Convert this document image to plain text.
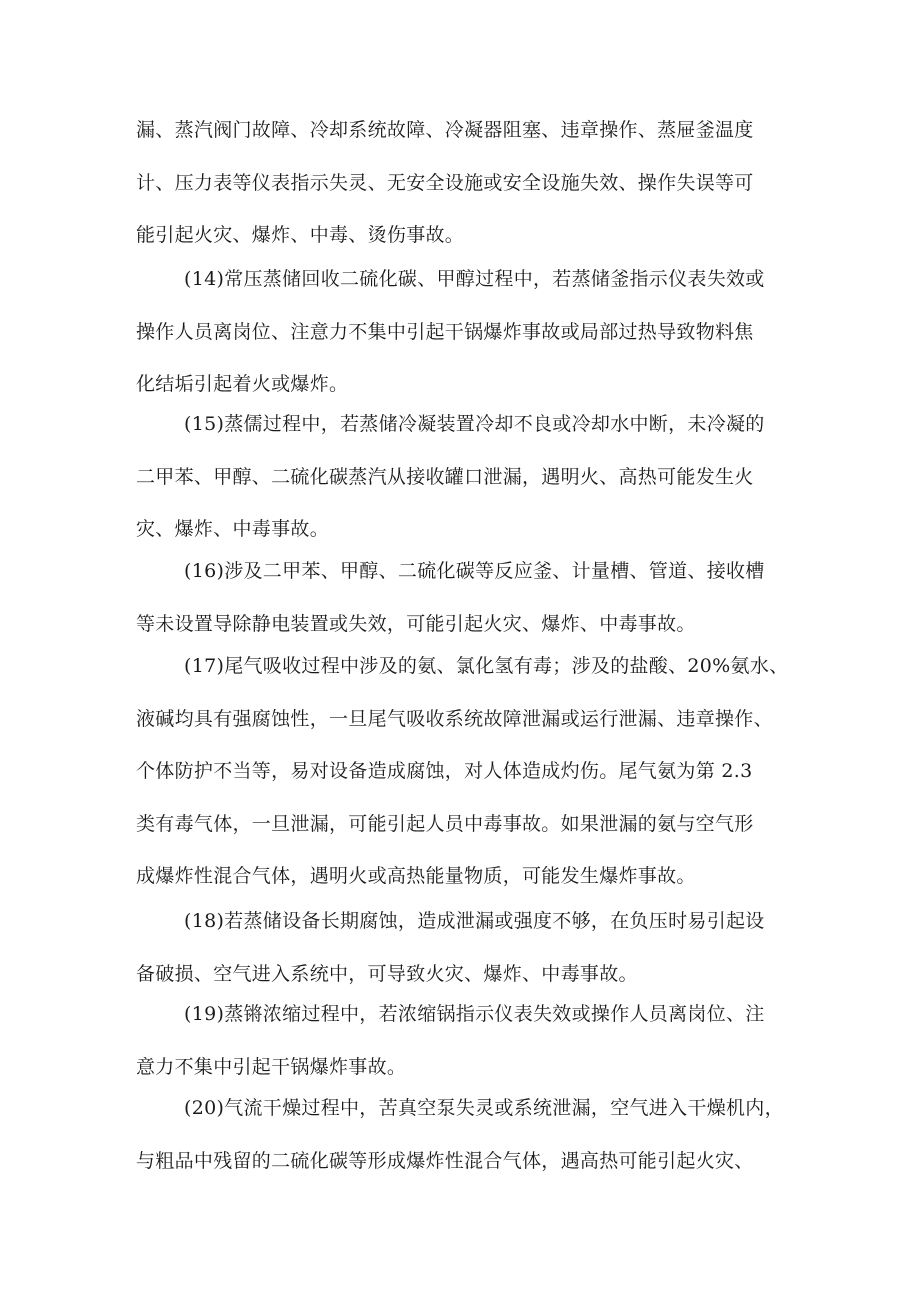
漏、蒸汽阀门故障、冷却系统故障、冷凝器阻塞、违章操作、蒸屉釜温度
计、压力表等仪表指示失灵、无安全设施或安全设施失效、操作失误等可
能引起火灾、爆炸、中毒、烫伤事故。

(14)常压蒸储回收二硫化碳、甲醇过程中，若蒸储釜指示仪表失效或
操作人员离岗位、注意力不集中引起干锅爆炸事故或局部过热导致物料焦
化结垢引起着火或爆炸。

(15)蒸儒过程中，若蒸储冷凝装置冷却不良或冷却水中断，未冷凝的
二甲苯、甲醇、二硫化碳蒸汽从接收罐口泄漏，遇明火、高热可能发生火
灾、爆炸、中毒事故。

(16)涉及二甲苯、甲醇、二硫化碳等反应釜、计量槽、管道、接收槽
等未设置导除静电装置或失效，可能引起火灾、爆炸、中毒事故。

(17)尾气吸收过程中涉及的氨、氯化氢有毒；涉及的盐酸、20%氨水、
液碱均具有强腐蚀性，一旦尾气吸收系统故障泄漏或运行泄漏、违章操作、
个体防护不当等，易对设备造成腐蚀，对人体造成灼伤。尾气氨为第 2.3
类有毒气体，一旦泄漏，可能引起人员中毒事故。如果泄漏的氨与空气形
成爆炸性混合气体，遇明火或高热能量物质，可能发生爆炸事故。

(18)若蒸储设备长期腐蚀，造成泄漏或强度不够，在负压时易引起设
备破损、空气进入系统中，可导致火灾、爆炸、中毒事故。

(19)蒸锵浓缩过程中，若浓缩锅指示仪表失效或操作人员离岗位、注
意力不集中引起干锅爆炸事故。

(20)气流干燥过程中，苦真空泵失灵或系统泄漏，空气进入干燥机内，
与粗品中残留的二硫化碳等形成爆炸性混合气体，遇高热可能引起火灾、
